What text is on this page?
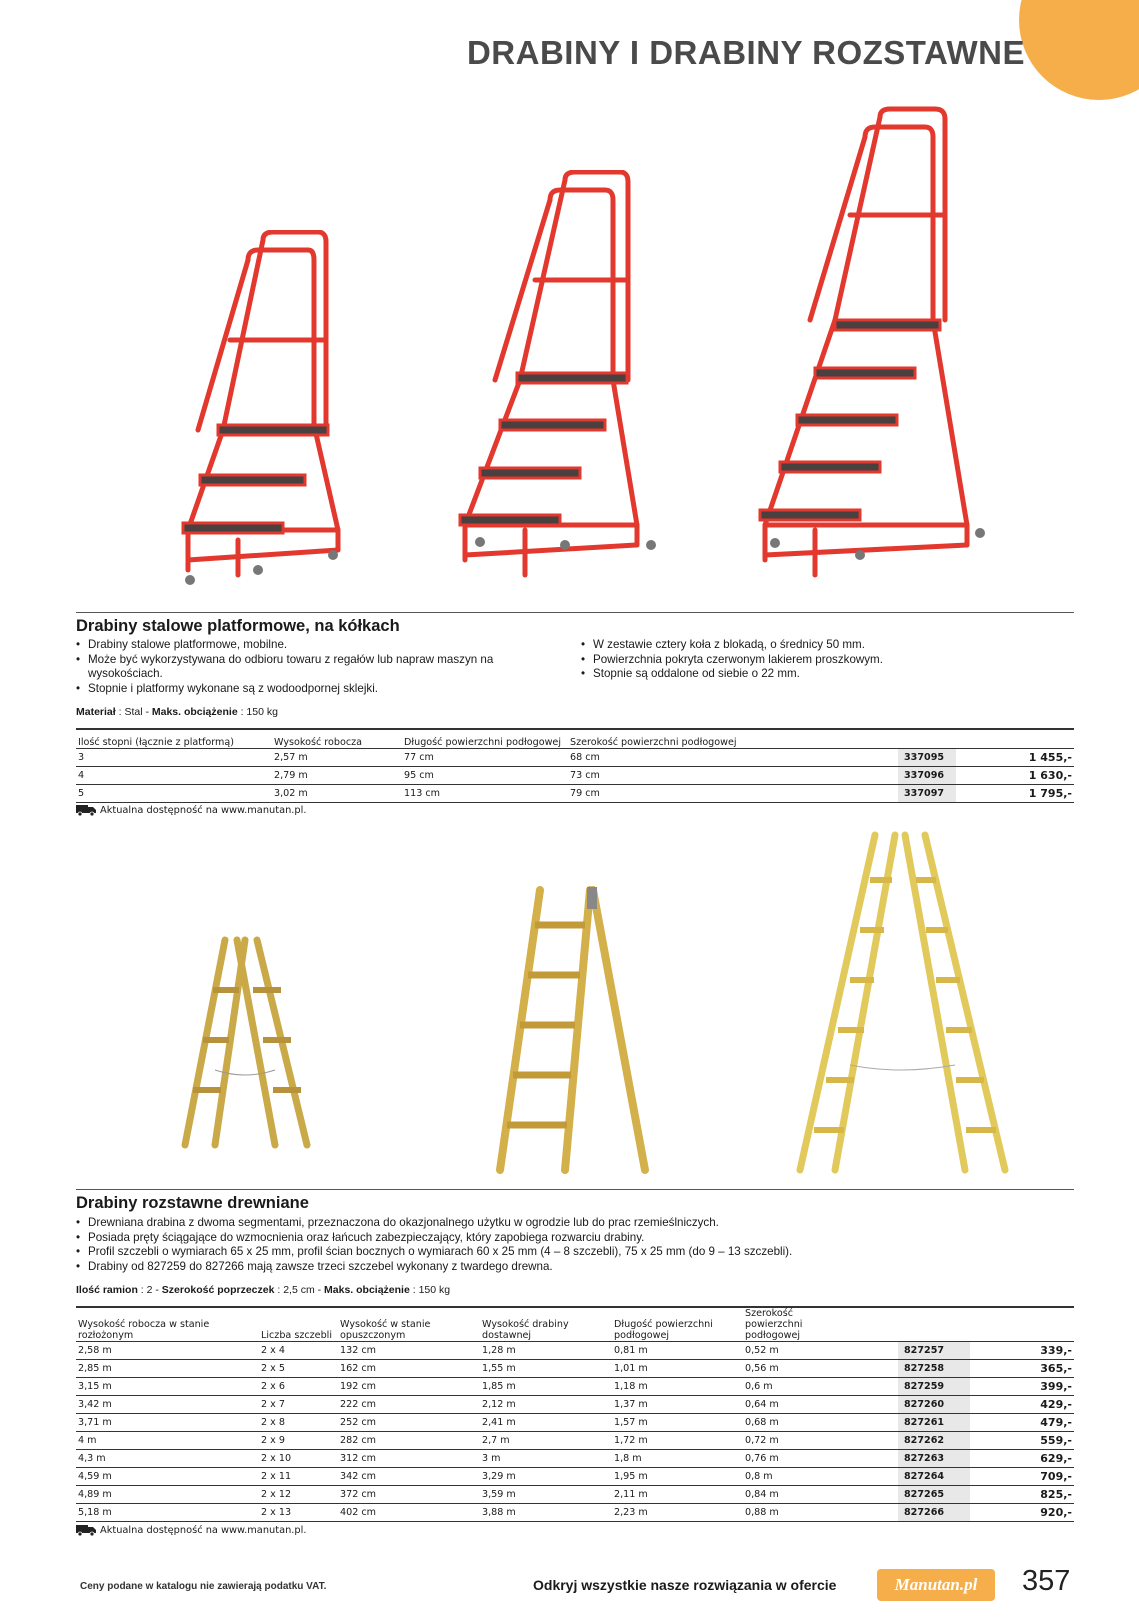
DRABINY I DRABINY ROZSTAWNE
Drabiny stalowe platformowe, na kółkach
• Drabiny stalowe platformowe, mobilne.
• Może być wykorzystywana do odbioru towaru z regałów lub napraw maszyn na wysokościach.
• Stopnie i platformy wykonane są z wodoodpornej sklejki.
• W zestawie cztery koła z blokadą, o średnicy 50 mm.
• Powierzchnia pokryta czerwonym lakierem proszkowym.
• Stopnie są oddalone od siebie o 22 mm.
Materiał : Stal - Maks. obciążenie : 150 kg
Ilość stopni (łącznie z platformą)	Wysokość robocza	Długość powierzchni podłogowej	Szerokość powierzchni podłogowej		
3	2,57 m	77 cm	68 cm	337095	1 455,-
4	2,79 m	95 cm	73 cm	337096	1 630,-
5	3,02 m	113 cm	79 cm	337097	1 795,-
Aktualna dostępność na www.manutan.pl.
Drabiny rozstawne drewniane
• Drewniana drabina z dwoma segmentami, przeznaczona do okazjonalnego użytku w ogrodzie lub do prac rzemieślniczych.
• Posiada pręty ściągające do wzmocnienia oraz łańcuch zabezpieczający, który zapobiega rozwarciu drabiny.
• Profil szczebli o wymiarach 65 x 25 mm, profil ścian bocznych o wymiarach 60 x 25 mm (4 – 8 szczebli), 75 x 25 mm (do 9 – 13 szczebli).
• Drabiny od 827259 do 827266 mają zawsze trzeci szczebel wykonany z twardego drewna.
Ilość ramion : 2 - Szerokość poprzeczek : 2,5 cm - Maks. obciążenie : 150 kg
Wysokość robocza w stanie rozłożonym	Liczba szczebli	Wysokość w stanie opuszczonym	Wysokość drabiny dostawnej	Długość powierzchni podłogowej	Szerokość powierzchni podłogowej		
2,58 m	2 x 4	132 cm	1,28 m	0,81 m	0,52 m	827257	339,-
2,85 m	2 x 5	162 cm	1,55 m	1,01 m	0,56 m	827258	365,-
3,15 m	2 x 6	192 cm	1,85 m	1,18 m	0,6 m	827259	399,-
3,42 m	2 x 7	222 cm	2,12 m	1,37 m	0,64 m	827260	429,-
3,71 m	2 x 8	252 cm	2,41 m	1,57 m	0,68 m	827261	479,-
4 m	2 x 9	282 cm	2,7 m	1,72 m	0,72 m	827262	559,-
4,3 m	2 x 10	312 cm	3 m	1,8 m	0,76 m	827263	629,-
4,59 m	2 x 11	342 cm	3,29 m	1,95 m	0,8 m	827264	709,-
4,89 m	2 x 12	372 cm	3,59 m	2,11 m	0,84 m	827265	825,-
5,18 m	2 x 13	402 cm	3,88 m	2,23 m	0,88 m	827266	920,-
Aktualna dostępność na www.manutan.pl.
Ceny podane w katalogu nie zawierają podatku VAT.	Odkryj wszystkie nasze rozwiązania w ofercie	Manutan.pl	357
